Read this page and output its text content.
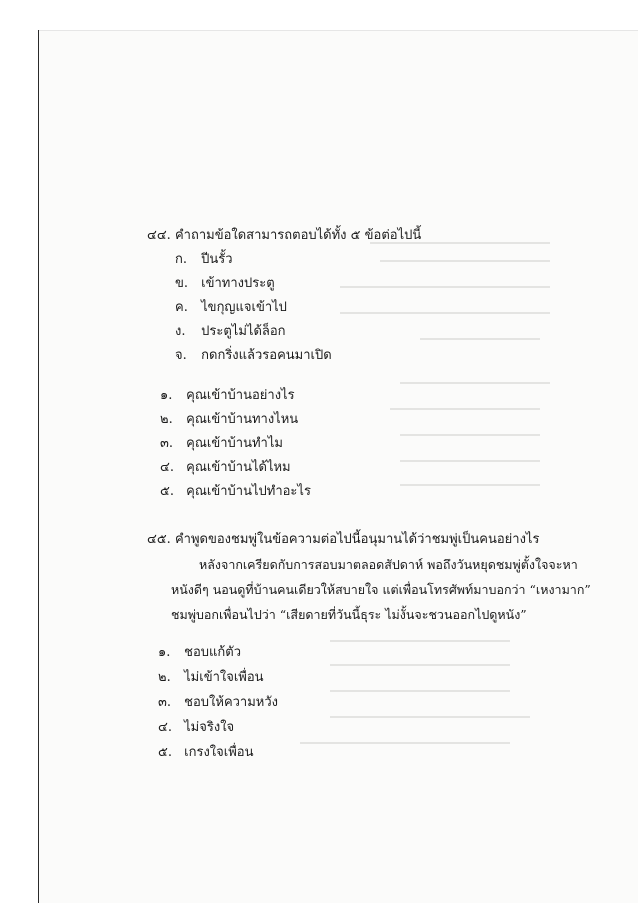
๔๔. คำถามข้อใดสามารถตอบได้ทั้ง ๕ ข้อต่อไปนี้
ก. ปีนรั้ว
ข. เข้าทางประตู
ค. ไขกุญแจเข้าไป
ง. ประตูไม่ได้ล็อก
จ. กดกริ่งแล้วรอคนมาเปิด
๑. คุณเข้าบ้านอย่างไร
๒. คุณเข้าบ้านทางไหน
๓. คุณเข้าบ้านทำไม
๔. คุณเข้าบ้านได้ไหม
๕. คุณเข้าบ้านไปทำอะไร
๔๕. คำพูดของชมพู่ในข้อความต่อไปนี้อนุมานได้ว่าชมพู่เป็นคนอย่างไร
หลังจากเครียดกับการสอบมาตลอดสัปดาห์ พอถึงวันหยุดชมพู่ตั้งใจจะหา
หนังดีๆ นอนดูที่บ้านคนเดียวให้สบายใจ แต่เพื่อนโทรศัพท์มาบอกว่า “เหงามาก”
ชมพู่บอกเพื่อนไปว่า “เสียดายที่วันนี้ธุระ ไม่งั้นจะชวนออกไปดูหนัง”
๑. ชอบแก้ตัว
๒. ไม่เข้าใจเพื่อน
๓. ชอบให้ความหวัง
๔. ไม่จริงใจ
๕. เกรงใจเพื่อน
